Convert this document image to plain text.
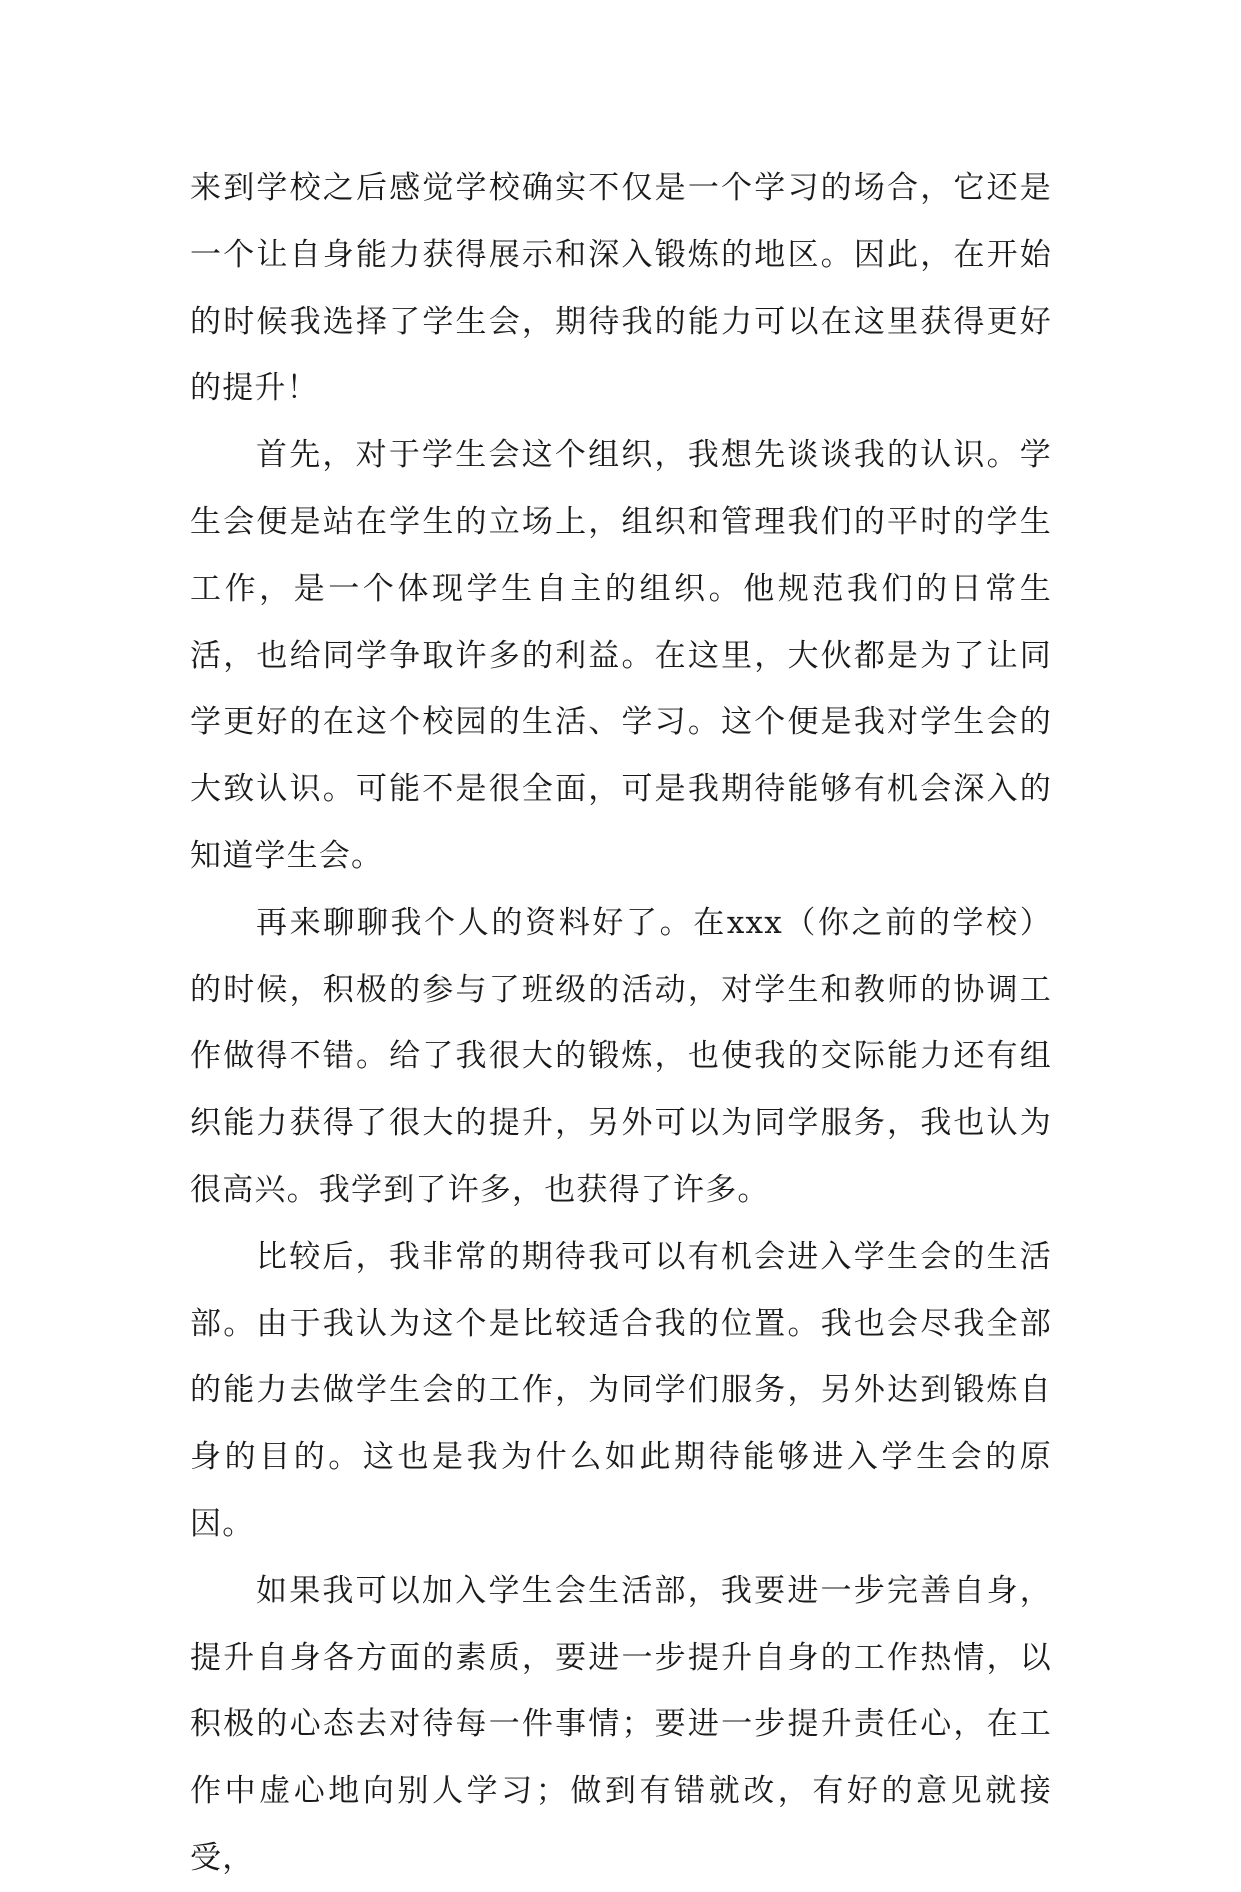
来到学校之后感觉学校确实不仅是一个学习的场合，它还是一个让自身能力获得展示和深入锻炼的地区。因此，在开始的时候我选择了学生会，期待我的能力可以在这里获得更好的提升！

首先，对于学生会这个组织，我想先谈谈我的认识。学生会便是站在学生的立场上，组织和管理我们的平时的学生工作，是一个体现学生自主的组织。他规范我们的日常生活，也给同学争取许多的利益。在这里，大伙都是为了让同学更好的在这个校园的生活、学习。这个便是我对学生会的大致认识。可能不是很全面，可是我期待能够有机会深入的知道学生会。

再来聊聊我个人的资料好了。在xxx（你之前的学校）的时候，积极的参与了班级的活动，对学生和教师的协调工作做得不错。给了我很大的锻炼，也使我的交际能力还有组织能力获得了很大的提升，另外可以为同学服务，我也认为很高兴。我学到了许多，也获得了许多。

比较后，我非常的期待我可以有机会进入学生会的生活部。由于我认为这个是比较适合我的位置。我也会尽我全部的能力去做学生会的工作，为同学们服务，另外达到锻炼自身的目的。这也是我为什么如此期待能够进入学生会的原因。

如果我可以加入学生会生活部，我要进一步完善自身，提升自身各方面的素质，要进一步提升自身的工作热情，以积极的心态去对待每一件事情；要进一步提升责任心，在工作中虚心地向别人学习；做到有错就改，有好的意见就接受，
